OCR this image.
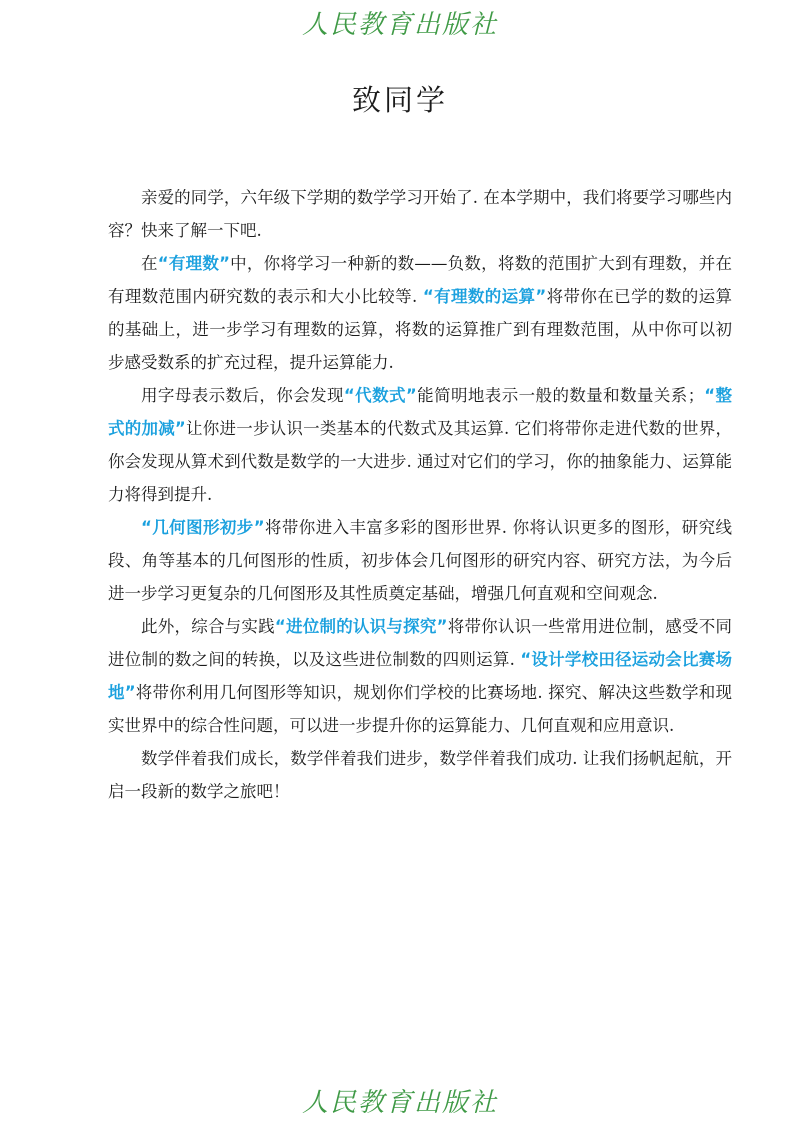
人民教育出版社
致同学

亲爱的同学，六年级下学期的数学学习开始了. 在本学期中，我们将要学习哪些内容？快来了解一下吧.

在“有理数”中，你将学习一种新的数——负数，将数的范围扩大到有理数，并在有理数范围内研究数的表示和大小比较等. “有理数的运算”将带你在已学的数的运算的基础上，进一步学习有理数的运算，将数的运算推广到有理数范围，从中你可以初步感受数系的扩充过程，提升运算能力.

用字母表示数后，你会发现“代数式”能简明地表示一般的数量和数量关系；“整式的加减”让你进一步认识一类基本的代数式及其运算. 它们将带你走进代数的世界，你会发现从算术到代数是数学的一大进步. 通过对它们的学习，你的抽象能力、运算能力将得到提升.

“几何图形初步”将带你进入丰富多彩的图形世界. 你将认识更多的图形，研究线段、角等基本的几何图形的性质，初步体会几何图形的研究内容、研究方法，为今后进一步学习更复杂的几何图形及其性质奠定基础，增强几何直观和空间观念.

此外，综合与实践“进位制的认识与探究”将带你认识一些常用进位制，感受不同进位制的数之间的转换，以及这些进位制数的四则运算. “设计学校田径运动会比赛场地”将带你利用几何图形等知识，规划你们学校的比赛场地. 探究、解决这些数学和现实世界中的综合性问题，可以进一步提升你的运算能力、几何直观和应用意识.

数学伴着我们成长，数学伴着我们进步，数学伴着我们成功. 让我们扬帆起航，开启一段新的数学之旅吧！

人民教育出版社
